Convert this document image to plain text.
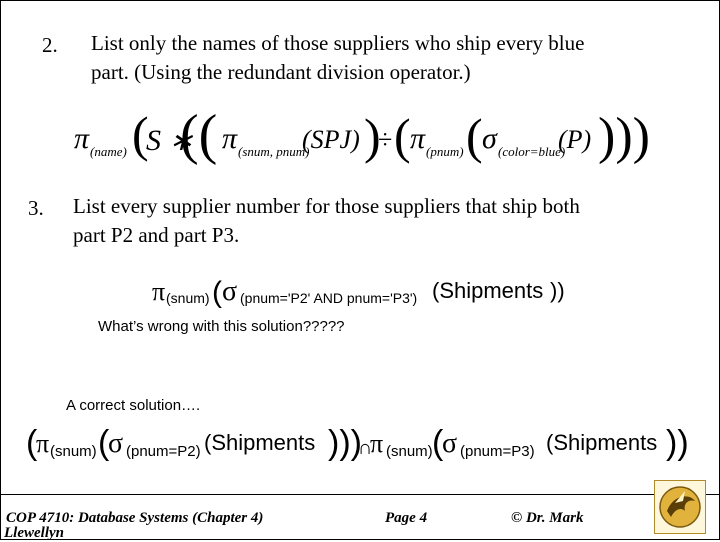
2. List only the names of those suppliers who ship every blue
part. (Using the redundant division operator.)
π (name) (
S ∗
(( π (snum, pnum)
(SPJ) )
÷ ( π (pnum) ( σ (color=blue)
(P) )))
3. List every supplier number for those suppliers that ship both
part P2 and part P3.
π (snum) ( σ (pnum='P2' AND pnum='P3') (Shipments ))
What’s wrong with this solution?????
A correct solution….
(
π (snum) (
σ (pnum=P2) (Shipments )))
∩
π (snum) (
σ (pnum=P3) (Shipments ))
COP 4710: Database Systems (Chapter 4)	Page 4	© Dr. Mark
Llewellyn
